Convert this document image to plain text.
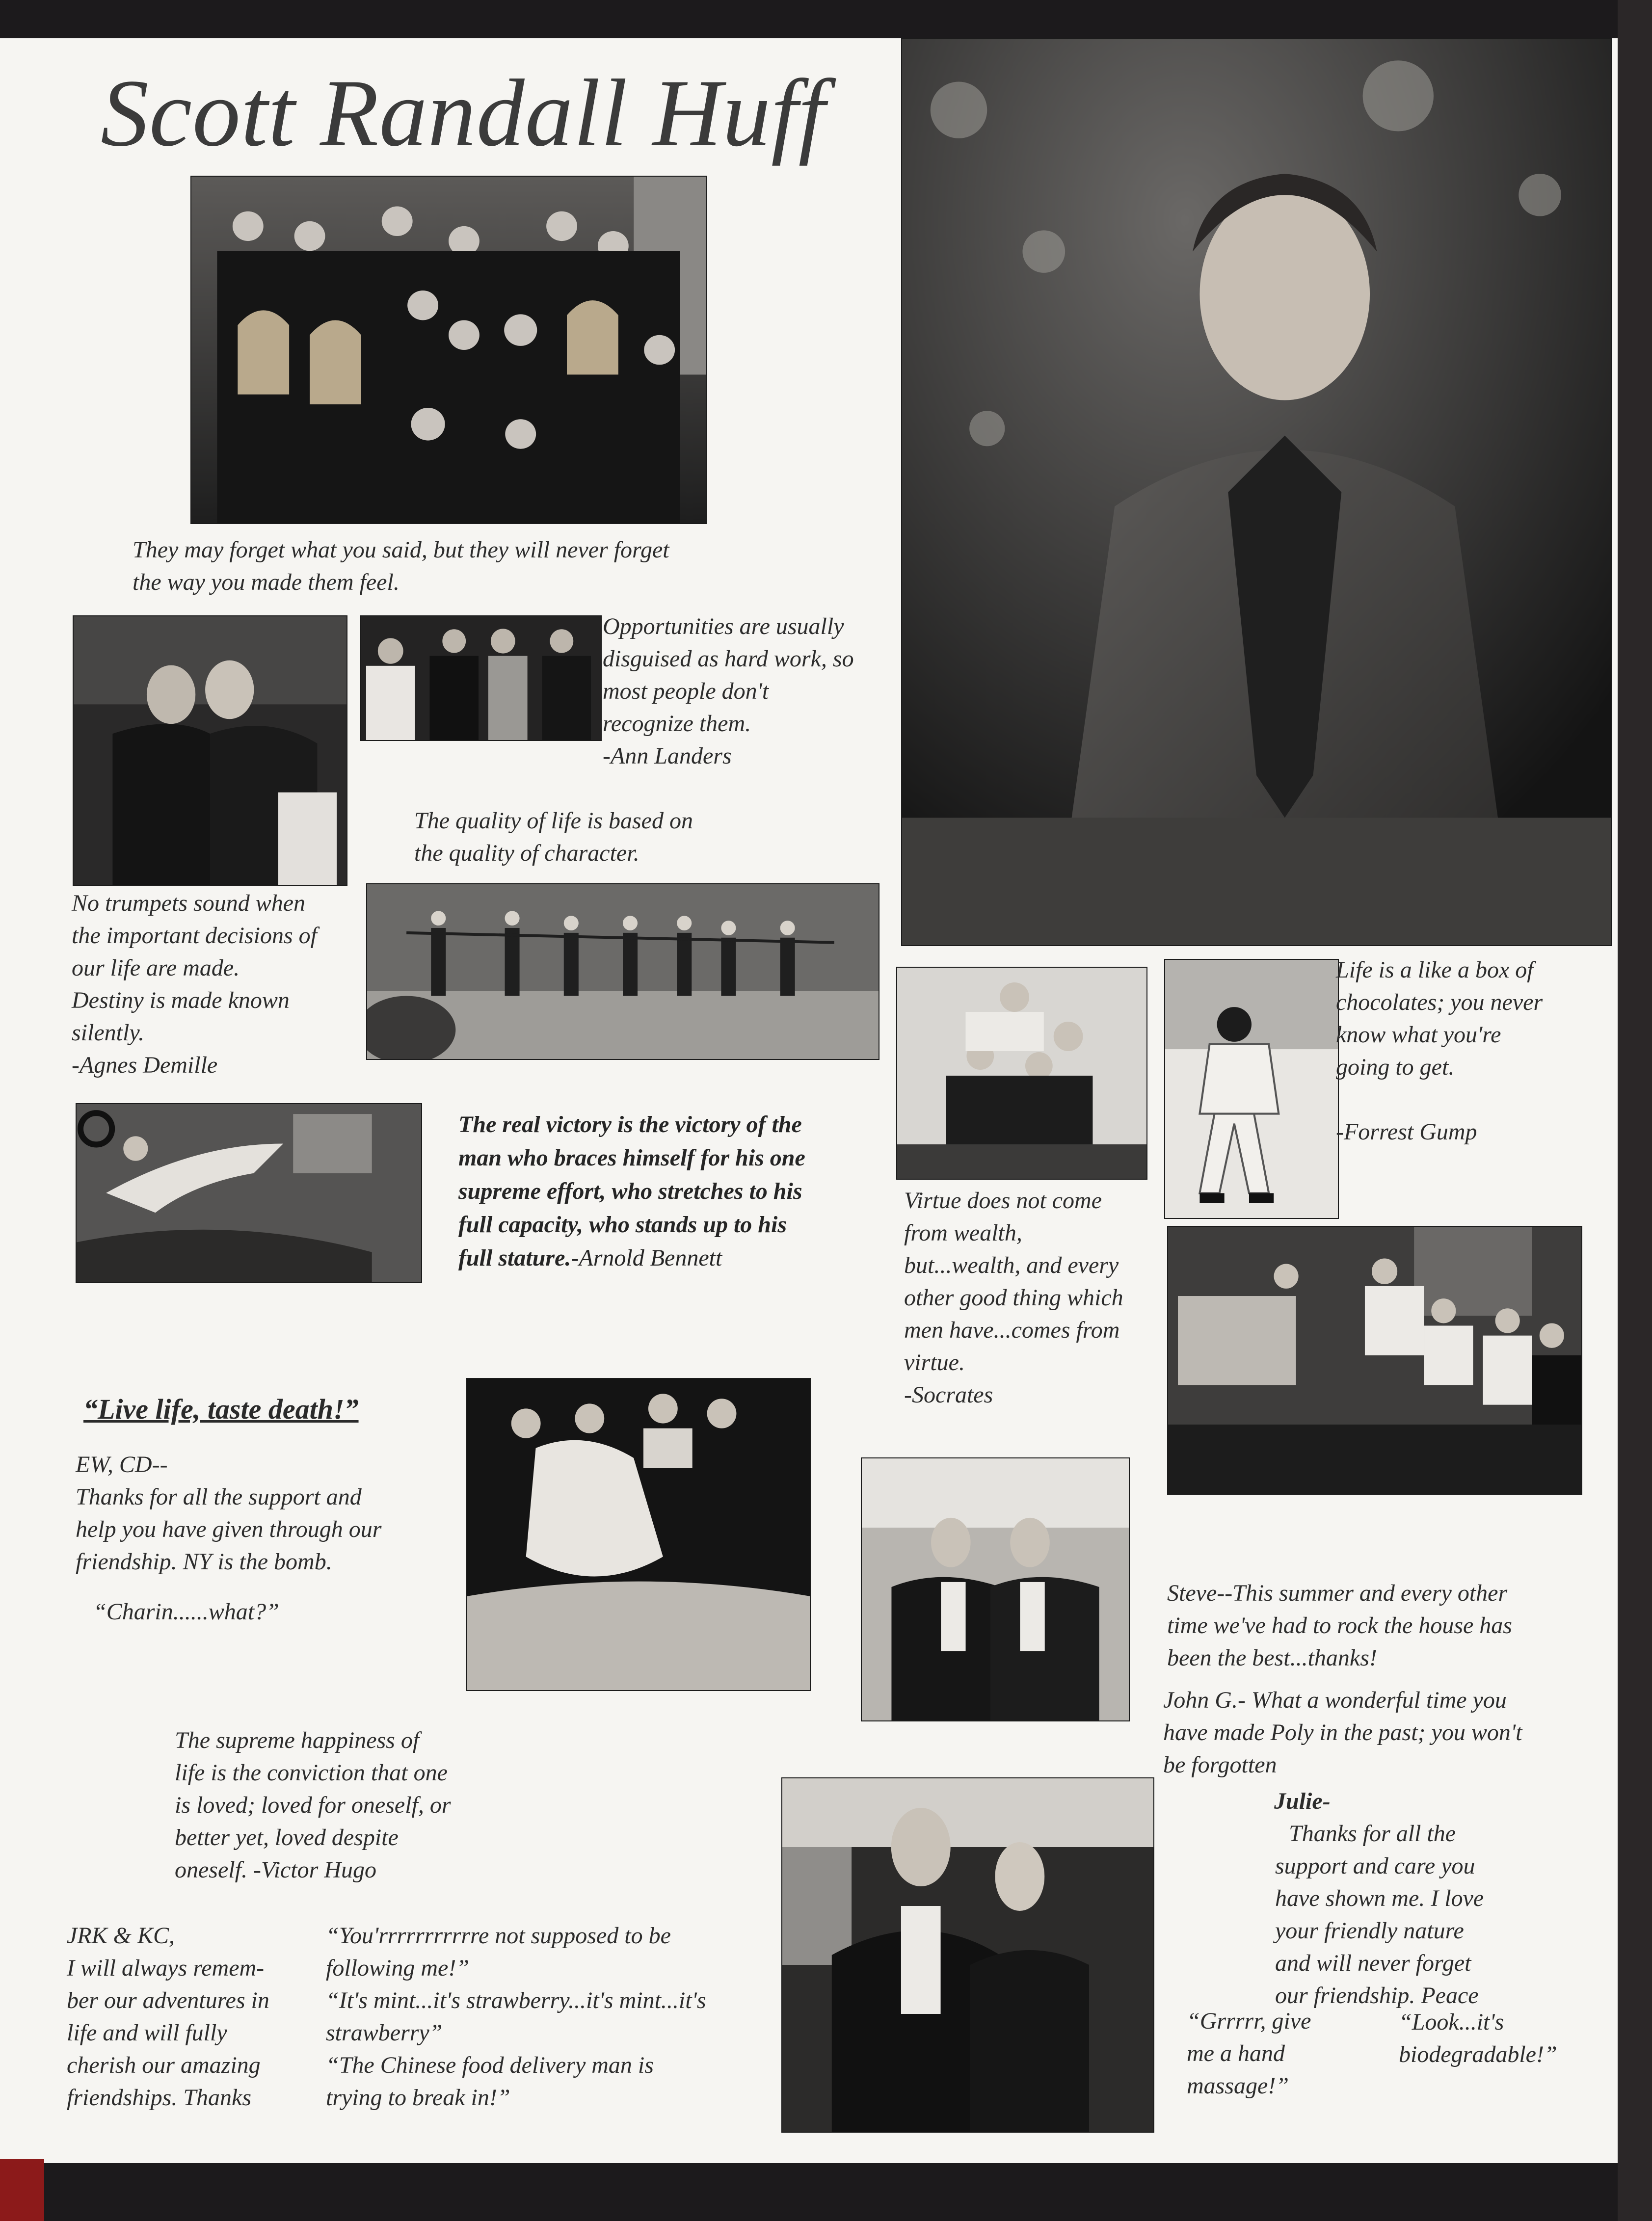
Scott Randall Huff
They may forget what you said, but they will never forget
the way you made them feel.
Opportunities are usually
disguised as hard work, so
most people don't
recognize them.
-Ann Landers
The quality of life is based on
the quality of character.
No trumpets sound when
the important decisions of
our life are made.
Destiny is made known
silently.
-Agnes Demille
The real victory is the victory of the
man who braces himself for his one
supreme effort, who stretches to his
full capacity, who stands up to his
full stature.-Arnold Bennett
Life is a like a box of
chocolates; you never
know what you're
going to get.
-Forrest Gump
Virtue does not come
from wealth,
but...wealth, and every
other good thing which
men have...comes from
virtue.
-Socrates
“Live life, taste death!”
EW, CD--
Thanks for all the support and
help you have given through our
friendship. NY is the bomb.
“Charin......what?”
Steve--This summer and every other
time we've had to rock the house has
been the best...thanks!
John G.- What a wonderful time you
have made Poly in the past; you won't
be forgotten
The supreme happiness of
life is the conviction that one
is loved; loved for oneself, or
better yet, loved despite
oneself. -Victor Hugo
Julie-
Thanks for all the
support and care you
have shown me. I love
your friendly nature
and will never forget
our friendship. Peace
JRK & KC,
I will always remem-
ber our adventures in
life and will fully
cherish our amazing
friendships. Thanks
“You'rrrrrrrrrrre not supposed to be
following me!”
“It's mint...it's strawberry...it's mint...it's
strawberry”
“The Chinese food delivery man is
trying to break in!”
“Grrrrr, give
me a hand
massage!”
“Look...it's
biodegradable!”
